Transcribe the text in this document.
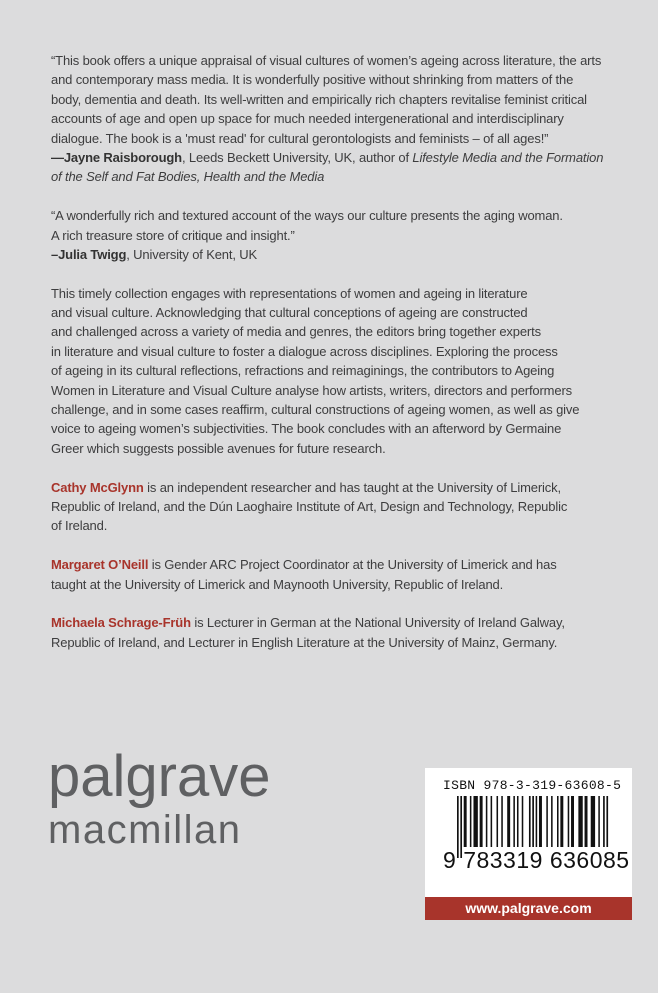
“This book offers a unique appraisal of visual cultures of women’s ageing across literature, the arts
and contemporary mass media. It is wonderfully positive without shrinking from matters of the
body, dementia and death. Its well-written and empirically rich chapters revitalise feminist critical
accounts of age and open up space for much needed intergenerational and interdisciplinary
dialogue. The book is a 'must read' for cultural gerontologists and feminists – of all ages!”
—Jayne Raisborough, Leeds Beckett University, UK, author of Lifestyle Media and the Formation
of the Self and Fat Bodies, Health and the Media
“A wonderfully rich and textured account of the ways our culture presents the aging woman.
A rich treasure store of critique and insight.”
–Julia Twigg, University of Kent, UK
This timely collection engages with representations of women and ageing in literature
and visual culture. Acknowledging that cultural conceptions of ageing are constructed
and challenged across a variety of media and genres, the editors bring together experts
in literature and visual culture to foster a dialogue across disciplines. Exploring the process
of ageing in its cultural reflections, refractions and reimaginings, the contributors to Ageing
Women in Literature and Visual Culture analyse how artists, writers, directors and performers
challenge, and in some cases reaffirm, cultural constructions of ageing women, as well as give
voice to ageing women’s subjectivities. The book concludes with an afterword by Germaine
Greer which suggests possible avenues for future research.
Cathy McGlynn is an independent researcher and has taught at the University of Limerick,
Republic of Ireland, and the Dún Laoghaire Institute of Art, Design and Technology, Republic
of Ireland.
Margaret O’Neill is Gender ARC Project Coordinator at the University of Limerick and has
taught at the University of Limerick and Maynooth University, Republic of Ireland.
Michaela Schrage-Früh is Lecturer in German at the National University of Ireland Galway,
Republic of Ireland, and Lecturer in English Literature at the University of Mainz, Germany.
palgrave
macmillan
ISBN 978-3-319-63608-5
9 783319 636085
www.palgrave.com
